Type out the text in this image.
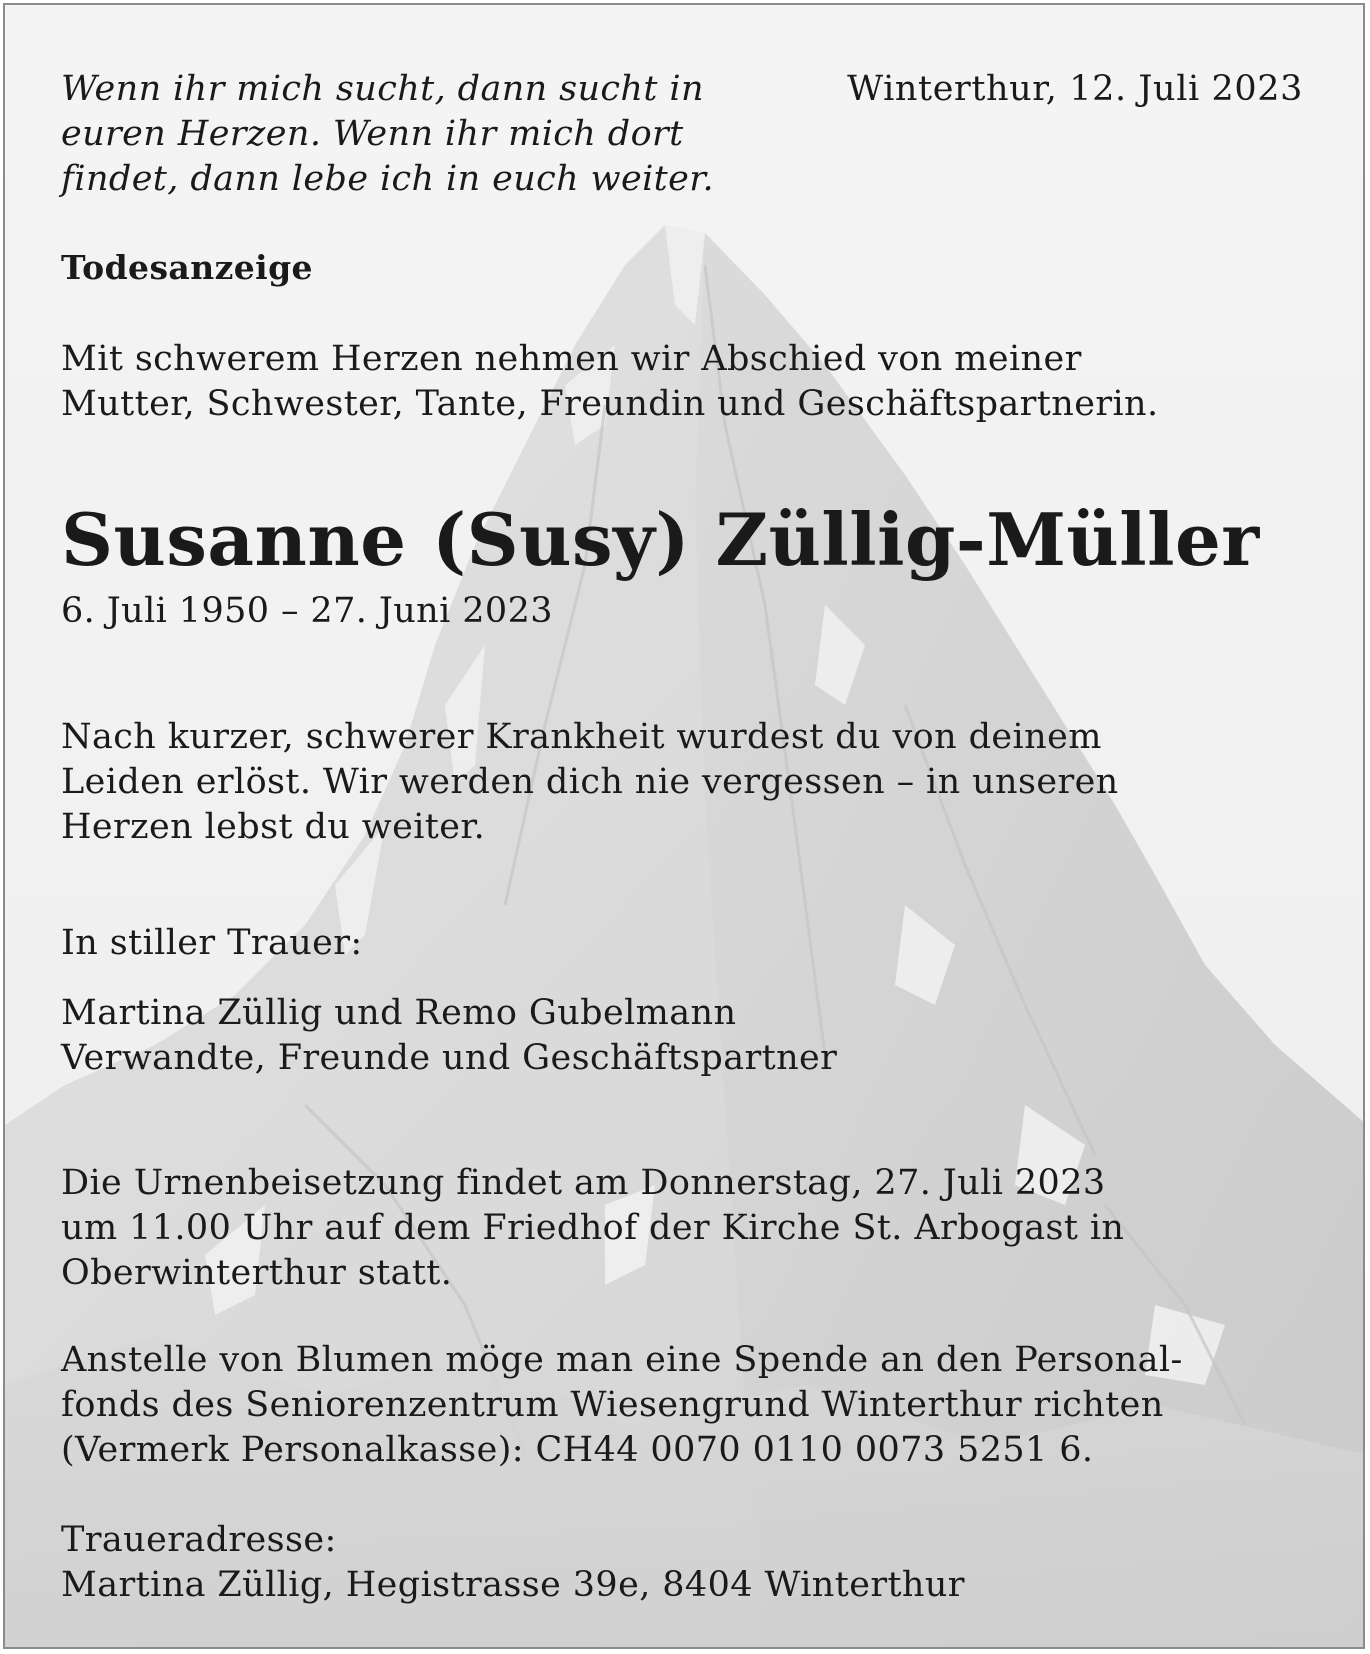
Wenn ihr mich sucht, dann sucht in
euren Herzen. Wenn ihr mich dort
findet, dann lebe ich in euch weiter.

Winterthur, 12. Juli 2023

Todesanzeige

Mit schwerem Herzen nehmen wir Abschied von meiner
Mutter, Schwester, Tante, Freundin und Geschäftspartnerin.

Susanne (Susy) Züllig-Müller

6. Juli 1950 – 27. Juni 2023

Nach kurzer, schwerer Krankheit wurdest du von deinem
Leiden erlöst. Wir werden dich nie vergessen – in unseren
Herzen lebst du weiter.

In stiller Trauer:

Martina Züllig und Remo Gubelmann
Verwandte, Freunde und Geschäftspartner

Die Urnenbeisetzung findet am Donnerstag, 27. Juli 2023
um 11.00 Uhr auf dem Friedhof der Kirche St. Arbogast in
Oberwinterthur statt.

Anstelle von Blumen möge man eine Spende an den Personal-
fonds des Seniorenzentrum Wiesengrund Winterthur richten
(Vermerk Personalkasse): CH44 0070 0110 0073 5251 6.

Traueradresse:

Martina Züllig, Hegistrasse 39e, 8404 Winterthur
